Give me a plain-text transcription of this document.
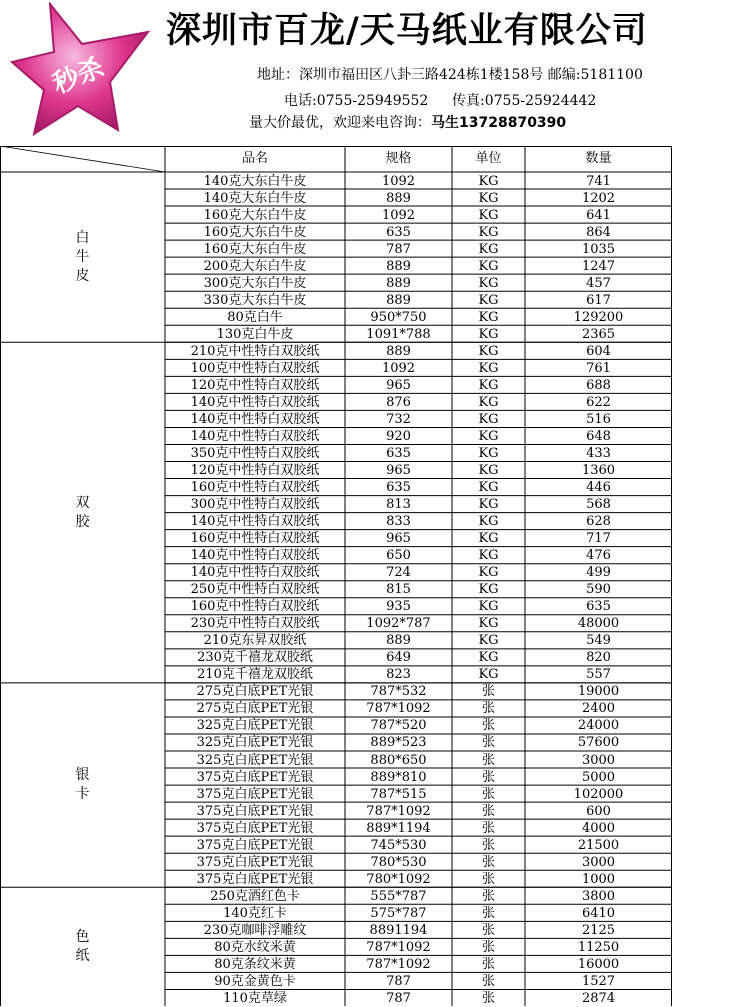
秒杀
深圳市百龙/天马纸业有限公司
地址：深圳市福田区八卦三路424栋1楼158号 邮编:5181100
电话:0755-25949552 传真:0755-25924442
量大价最优，欢迎来电咨询：马生13728870390
品名	规格	单位	数量
140克大东白牛皮	1092	KG	741
140克大东白牛皮	889	KG	1202
160克大东白牛皮	1092	KG	641
160克大东白牛皮	635	KG	864
160克大东白牛皮	787	KG	1035
200克大东白牛皮	889	KG	1247
300克大东白牛皮	889	KG	457
330克大东白牛皮	889	KG	617
80克白牛	950*750	KG	129200
130克白牛皮	1091*788	KG	2365
白
牛
皮
210克中性特白双胶纸	889	KG	604
100克中性特白双胶纸	1092	KG	761
120克中性特白双胶纸	965	KG	688
140克中性特白双胶纸	876	KG	622
140克中性特白双胶纸	732	KG	516
140克中性特白双胶纸	920	KG	648
350克中性特白双胶纸	635	KG	433
120克中性特白双胶纸	965	KG	1360
160克中性特白双胶纸	635	KG	446
300克中性特白双胶纸	813	KG	568
140克中性特白双胶纸	833	KG	628
160克中性特白双胶纸	965	KG	717
140克中性特白双胶纸	650	KG	476
140克中性特白双胶纸	724	KG	499
250克中性特白双胶纸	815	KG	590
160克中性特白双胶纸	935	KG	635
230克中性特白双胶纸	1092*787	KG	48000
210克东昇双胶纸	889	KG	549
230克千禧龙双胶纸	649	KG	820
210克千禧龙双胶纸	823	KG	557
双
胶
275克白底PET光银	787*532	张	19000
275克白底PET光银	787*1092	张	2400
325克白底PET光银	787*520	张	24000
325克白底PET光银	889*523	张	57600
325克白底PET光银	880*650	张	3000
375克白底PET光银	889*810	张	5000
375克白底PET光银	787*515	张	102000
375克白底PET光银	787*1092	张	600
375克白底PET光银	889*1194	张	4000
375克白底PET光银	745*530	张	21500
375克白底PET光银	780*530	张	3000
375克白底PET光银	780*1092	张	1000
银
卡
250克酒红色卡	555*787	张	3800
140克红卡	575*787	张	6410
230克咖啡浮雕纹	8891194	张	2125
80克水纹米黄	787*1092	张	11250
80克条纹米黄	787*1092	张	16000
90克金黄色卡	787	张	1527
110克草绿	787	张	2874
色
纸
